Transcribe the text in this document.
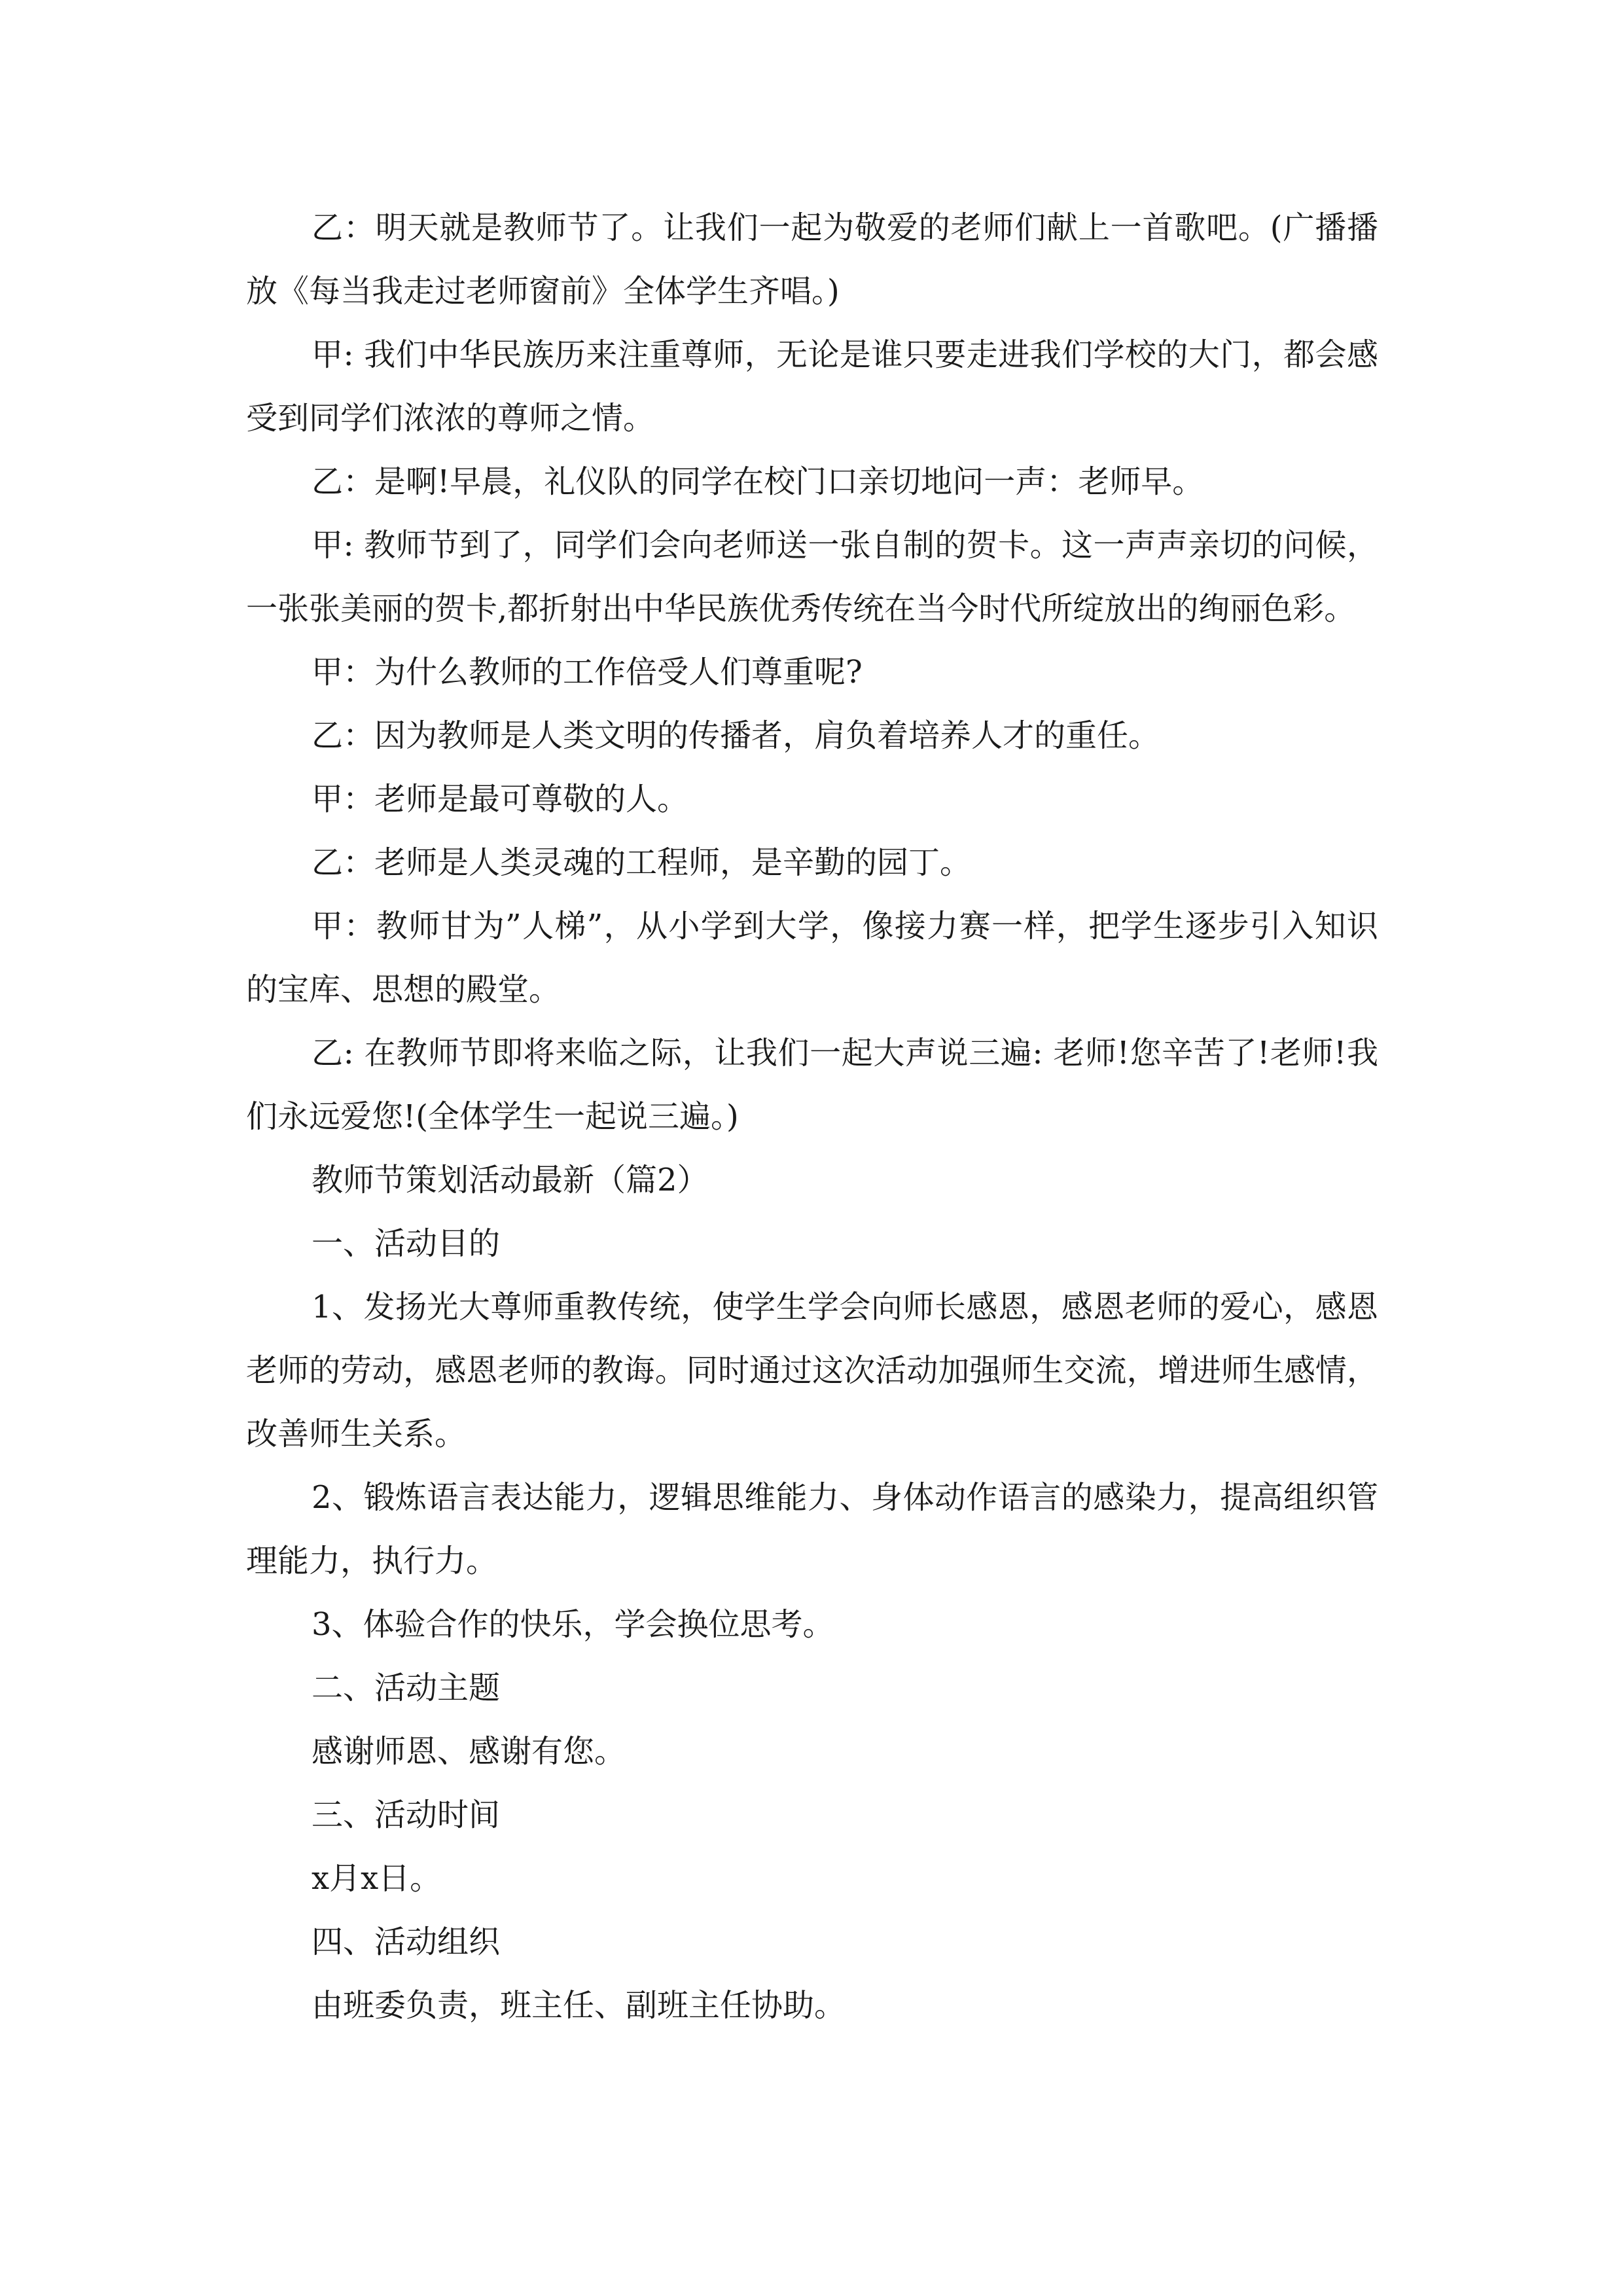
乙：明天就是教师节了。让我们一起为敬爱的老师们献上一首歌吧。(广播播放《每当我走过老师窗前》全体学生齐唱。)

甲: 我们中华民族历来注重尊师，无论是谁只要走进我们学校的大门，都会感受到同学们浓浓的尊师之情。

乙：是啊!早晨，礼仪队的同学在校门口亲切地问一声：老师早。

甲: 教师节到了，同学们会向老师送一张自制的贺卡。这一声声亲切的问候，一张张美丽的贺卡,都折射出中华民族优秀传统在当今时代所绽放出的绚丽色彩。

甲：为什么教师的工作倍受人们尊重呢?

乙：因为教师是人类文明的传播者，肩负着培养人才的重任。

甲：老师是最可尊敬的人。

乙：老师是人类灵魂的工程师，是辛勤的园丁。

甲：教师甘为”人梯”，从小学到大学，像接力赛一样，把学生逐步引入知识的宝库、思想的殿堂。

乙: 在教师节即将来临之际，让我们一起大声说三遍: 老师!您辛苦了!老师!我们永远爱您!(全体学生一起说三遍。)

教师节策划活动最新（篇2）

一、活动目的

1、发扬光大尊师重教传统，使学生学会向师长感恩，感恩老师的爱心，感恩老师的劳动，感恩老师的教诲。同时通过这次活动加强师生交流，增进师生感情，改善师生关系。

2、锻炼语言表达能力，逻辑思维能力、身体动作语言的感染力，提高组织管理能力，执行力。

3、体验合作的快乐，学会换位思考。

二、活动主题

感谢师恩、感谢有您。

三、活动时间

x月x日。

四、活动组织

由班委负责，班主任、副班主任协助。
